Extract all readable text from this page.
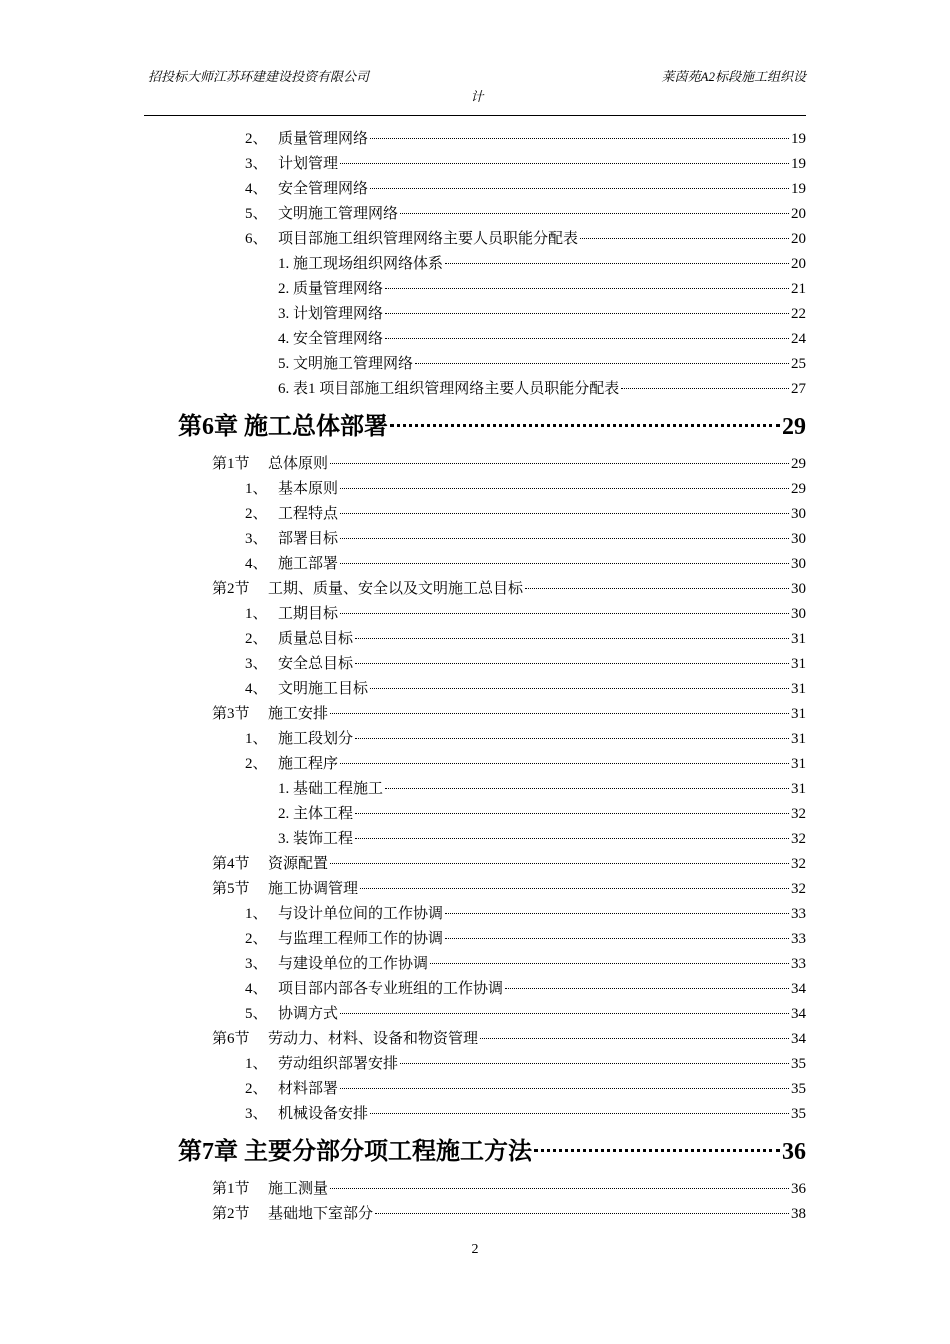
招投标大师江苏环建建设投资有限公司	莱茵苑A2标段施工组织设
计
2、 质量管理网络	19
3、 计划管理	19
4、 安全管理网络	19
5、 文明施工管理网络	20
6、 项目部施工组织管理网络主要人员职能分配表	20
1. 施工现场组织网络体系	20
2. 质量管理网络	21
3. 计划管理网络	22
4. 安全管理网络	24
5. 文明施工管理网络	25
6. 表1 项目部施工组织管理网络主要人员职能分配表	27
第6章 施工总体部署	29
第1节 总体原则	29
1、 基本原则	29
2、 工程特点	30
3、 部署目标	30
4、 施工部署	30
第2节 工期、质量、安全以及文明施工总目标	30
1、 工期目标	30
2、 质量总目标	31
3、 安全总目标	31
4、 文明施工目标	31
第3节 施工安排	31
1、 施工段划分	31
2、 施工程序	31
1. 基础工程施工	31
2. 主体工程	32
3. 装饰工程	32
第4节 资源配置	32
第5节 施工协调管理	32
1、 与设计单位间的工作协调	33
2、 与监理工程师工作的协调	33
3、 与建设单位的工作协调	33
4、 项目部内部各专业班组的工作协调	34
5、 协调方式	34
第6节 劳动力、材料、设备和物资管理	34
1、 劳动组织部署安排	35
2、 材料部署	35
3、 机械设备安排	35
第7章 主要分部分项工程施工方法	36
第1节 施工测量	36
第2节 基础地下室部分	38
2
